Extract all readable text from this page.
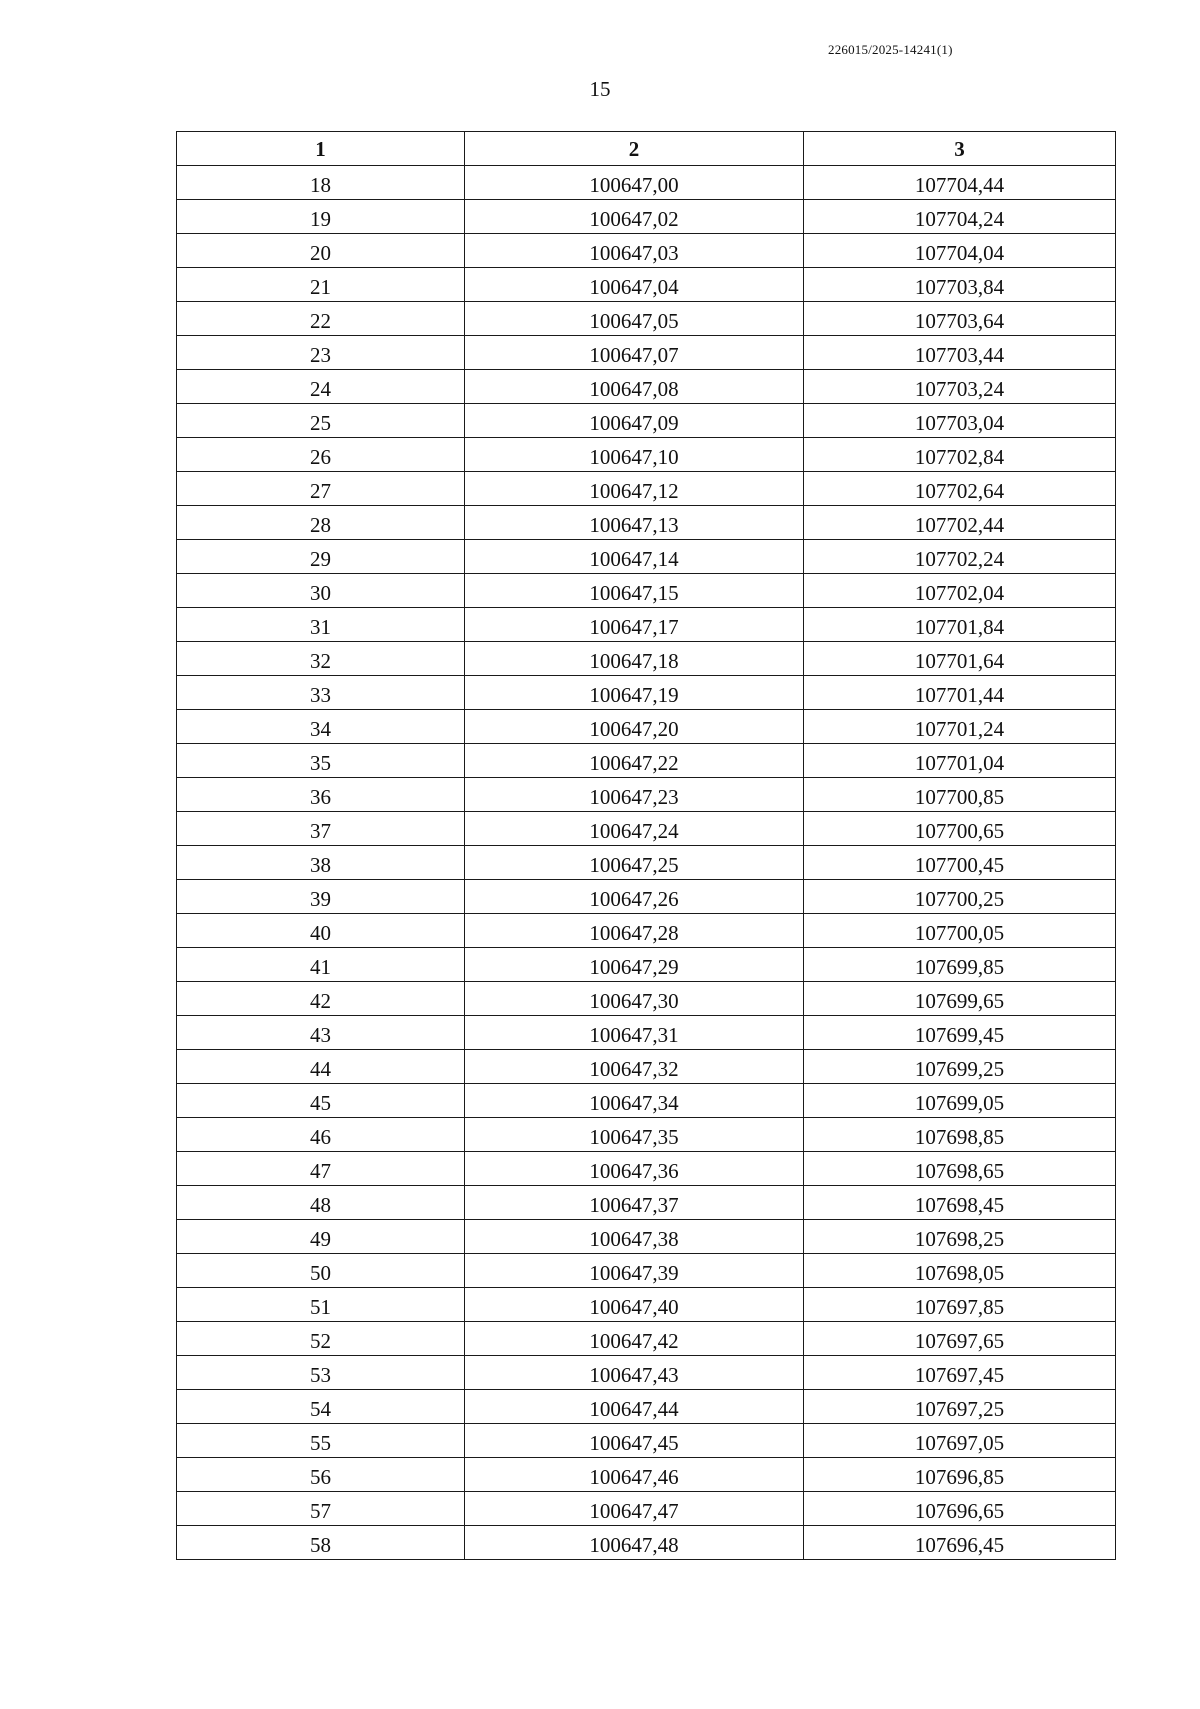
226015/2025-14241(1)
15
1	2	3
18	100647,00	107704,44
19	100647,02	107704,24
20	100647,03	107704,04
21	100647,04	107703,84
22	100647,05	107703,64
23	100647,07	107703,44
24	100647,08	107703,24
25	100647,09	107703,04
26	100647,10	107702,84
27	100647,12	107702,64
28	100647,13	107702,44
29	100647,14	107702,24
30	100647,15	107702,04
31	100647,17	107701,84
32	100647,18	107701,64
33	100647,19	107701,44
34	100647,20	107701,24
35	100647,22	107701,04
36	100647,23	107700,85
37	100647,24	107700,65
38	100647,25	107700,45
39	100647,26	107700,25
40	100647,28	107700,05
41	100647,29	107699,85
42	100647,30	107699,65
43	100647,31	107699,45
44	100647,32	107699,25
45	100647,34	107699,05
46	100647,35	107698,85
47	100647,36	107698,65
48	100647,37	107698,45
49	100647,38	107698,25
50	100647,39	107698,05
51	100647,40	107697,85
52	100647,42	107697,65
53	100647,43	107697,45
54	100647,44	107697,25
55	100647,45	107697,05
56	100647,46	107696,85
57	100647,47	107696,65
58	100647,48	107696,45
